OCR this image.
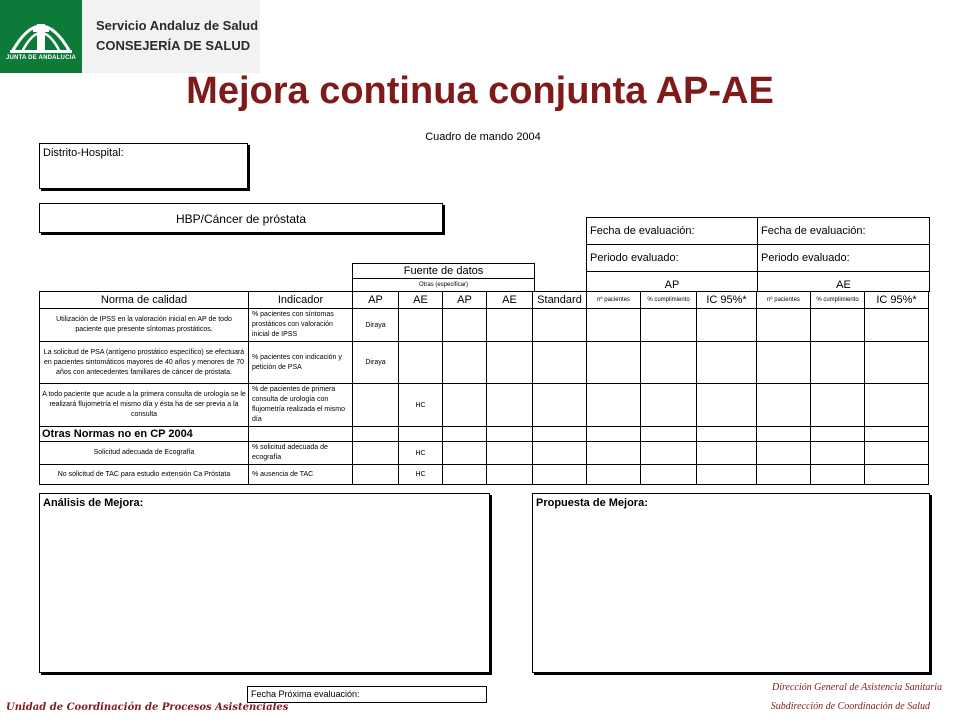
JUNTA DE ANDALUCIA
Servicio Andaluz de Salud
CONSEJERÍA DE SALUD
Mejora continua conjunta AP-AE
Cuadro de mando 2004
Distrito-Hospital:
HBP/Cáncer de próstata
Fecha de evaluación:	Fecha de evaluación:
Periodo evaluado:	Periodo evaluado:
AP	AE
Fuente de datos
Otras (especificar)
Norma de calidad	Indicador	AP	AE	AP	AE	Standard	nº pacientes	% cumplimiento	IC 95%*	nº pacientes	% cumplimiento	IC 95%*
Utilización de IPSS en la valoración inicial en AP de todo paciente que presente síntomas prostáticos.	% pacientes con síntomas prostáticos con valoración inicial de IPSS	Diraya										
La solicitud de PSA (antígeno prostático específico) se efectuará en pacientes sintomáticos mayores de 40 años y menores de 70 años con antecedentes familiares de cáncer de próstata.	% pacientes con indicación y petición de PSA	Diraya										
A todo paciente que acude a la primera consulta de urología se le realizará flujometría el mismo día y ésta ha de ser previa a la consulta	% de pacientes de primera consulta de urología con flujometría realizada el mismo día		HC									
Otras Normas no en CP 2004												
Solicitud adecuada de Ecografía	% solicitud adecuada de ecografía		HC									
No solicitud de TAC para estudio extensión Ca Próstata	% ausencia de TAC		HC									
Análisis de Mejora:	Propuesta de Mejora:
Fecha Próxima evaluación:
Unidad de Coordinación de Procesos Asistenciales
Dirección General de Asistencia Sanitaria
Subdirección de Coordinación de Salud
